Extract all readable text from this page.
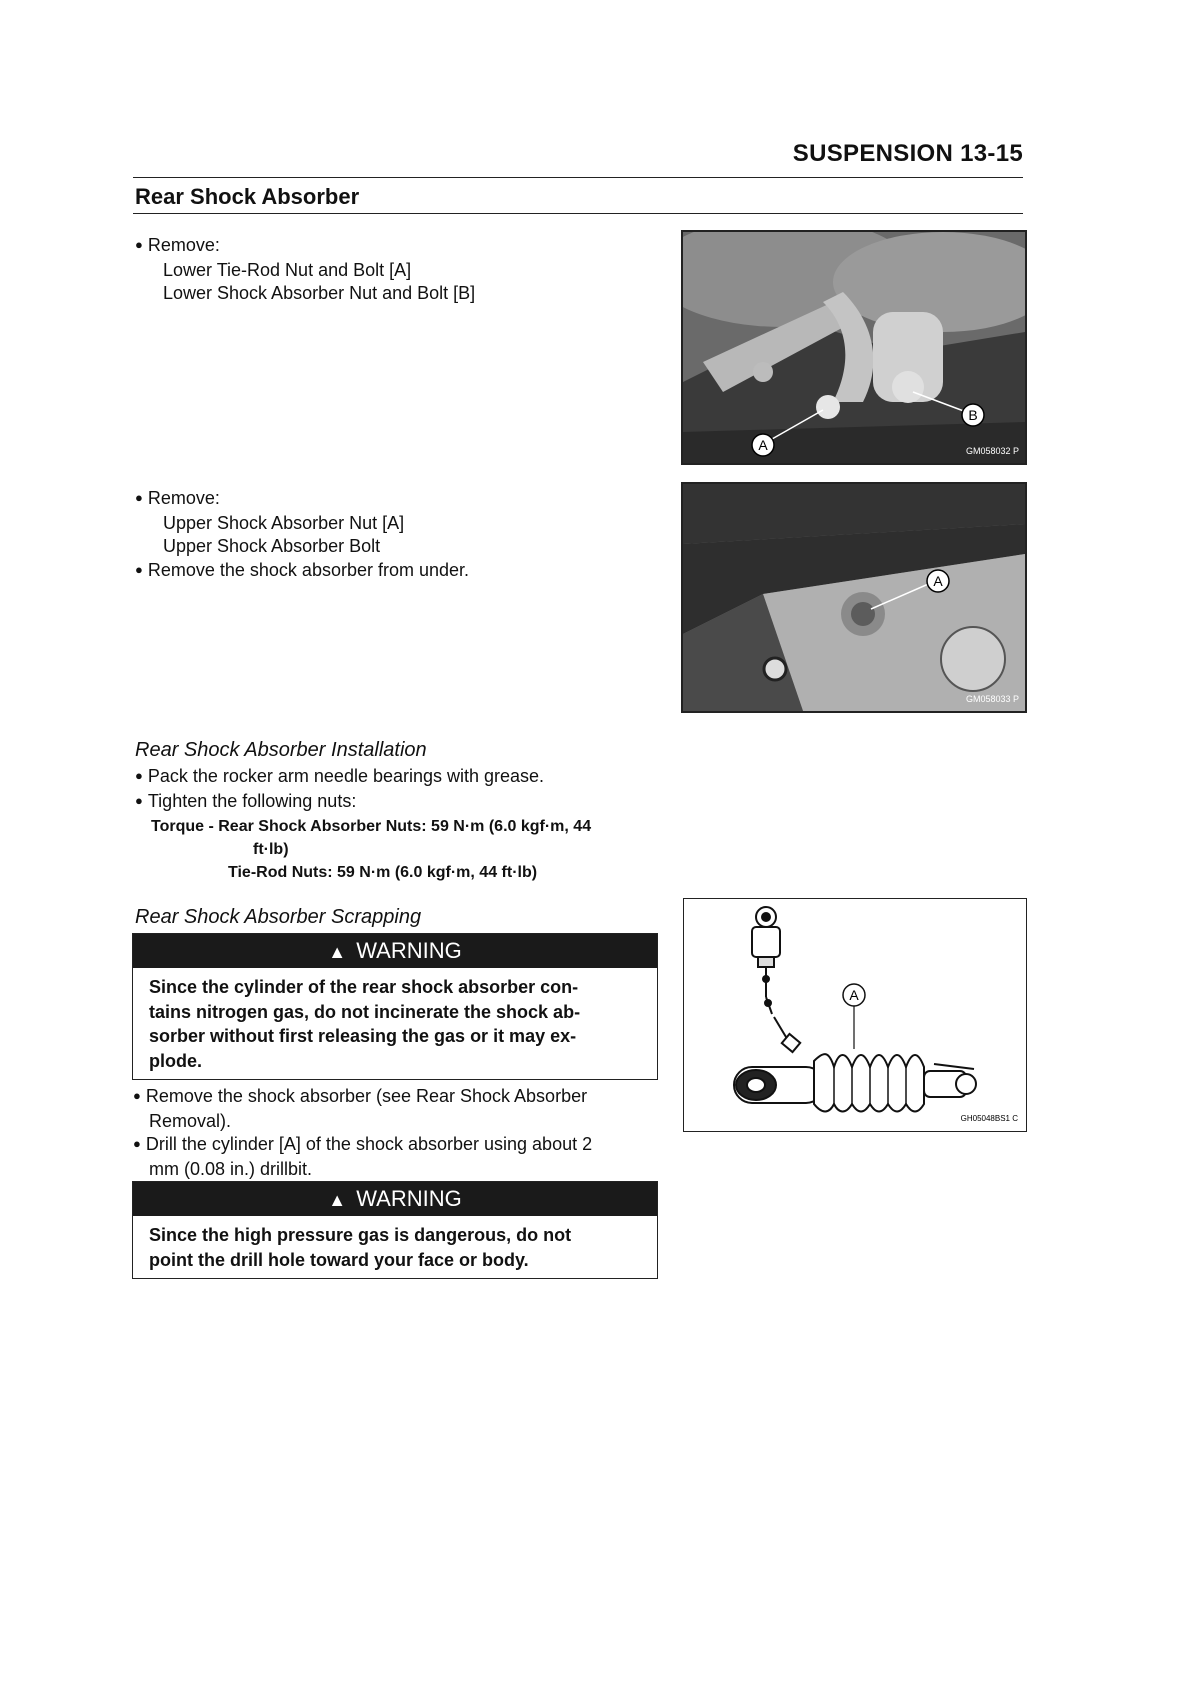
SUSPENSION 13-15
Rear Shock Absorber
● Remove:
Lower Tie-Rod Nut and Bolt [A]
Lower Shock Absorber Nut and Bolt [B]
A
B
GM058032 P
● Remove:
Upper Shock Absorber Nut [A]
Upper Shock Absorber Bolt
● Remove the shock absorber from under.
A
GM058033 P
Rear Shock Absorber Installation
● Pack the rocker arm needle bearings with grease.
● Tighten the following nuts:
Torque - Rear Shock Absorber Nuts: 59 N·m (6.0 kgf·m, 44
ft·lb)
Tie-Rod Nuts: 59 N·m (6.0 kgf·m, 44 ft·lb)
Rear Shock Absorber Scrapping
▲ WARNING
Since the cylinder of the rear shock absorber con-
tains nitrogen gas, do not incinerate the shock ab-
sorber without first releasing the gas or it may ex-
plode.
● Remove the shock absorber (see Rear Shock Absorber
Removal).
● Drill the cylinder [A] of the shock absorber using about 2
mm (0.08 in.) drillbit.
▲ WARNING
Since the high pressure gas is dangerous, do not
point the drill hole toward your face or body.
A
GH05048BS1 C
